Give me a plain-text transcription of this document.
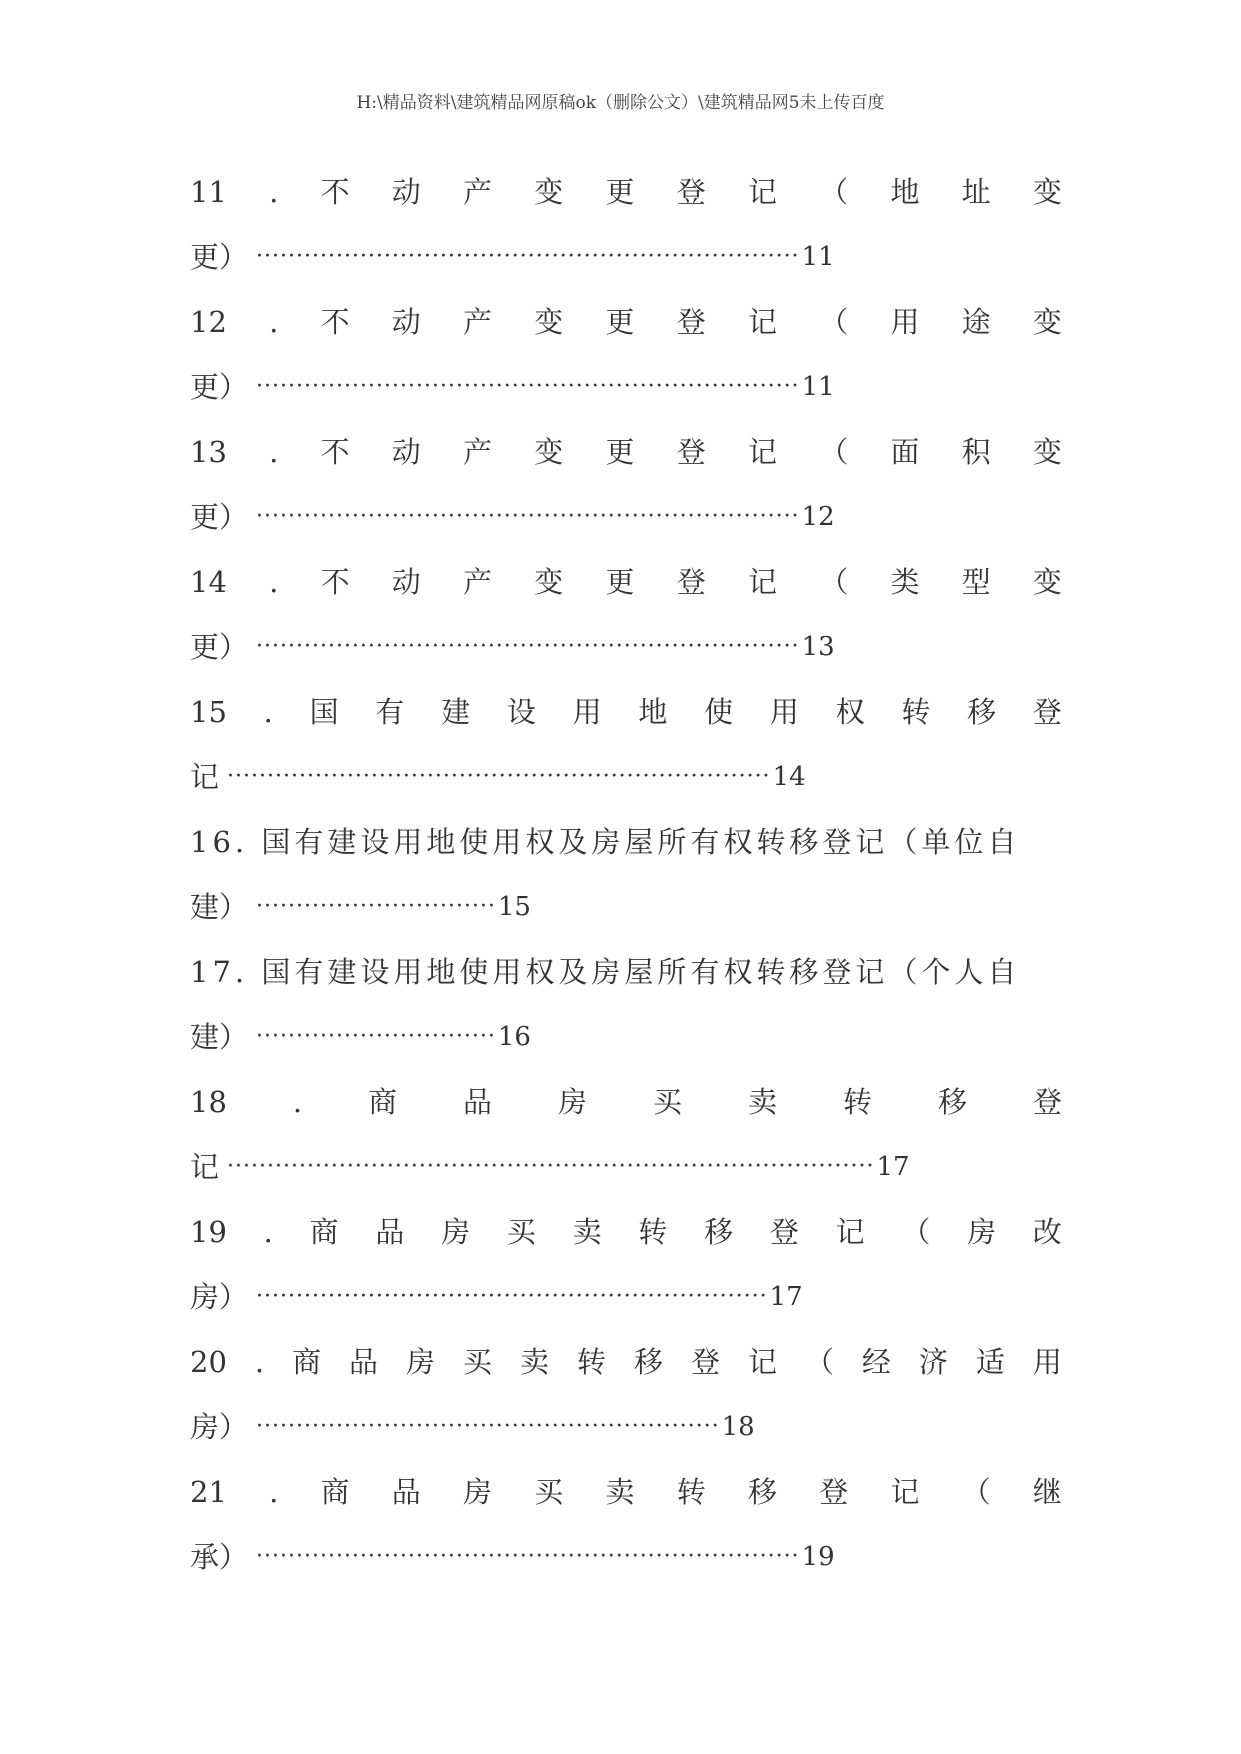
H:\精品资料\建筑精品网原稿ok（删除公文）\建筑精品网5未上传百度
11 . 不 动 产 变 更 登 记 （ 地 址 变
更） ···································································· 11
12 . 不 动 产 变 更 登 记 （ 用 途 变
更） ···································································· 11
13 . 不 动 产 变 更 登 记 （ 面 积 变
更） ···································································· 12
14 . 不 动 产 变 更 登 记 （ 类 型 变
更） ···································································· 13
15 . 国 有 建 设 用 地 使 用 权 转 移 登
记 ···································································· 14
16. 国有建设用地使用权及房屋所有权转移登记（单位自
建） ······························ 15
17. 国有建设用地使用权及房屋所有权转移登记（个人自
建） ······························ 16
18 . 商 品 房 买 卖 转 移 登
记 ················································································· 17
19 . 商 品 房 买 卖 转 移 登 记 （ 房 改
房） ································································ 17
20 . 商 品 房 买 卖 转 移 登 记 （ 经 济 适 用
房） ·························································· 18
21 . 商 品 房 买 卖 转 移 登 记 （ 继
承） ···································································· 19
